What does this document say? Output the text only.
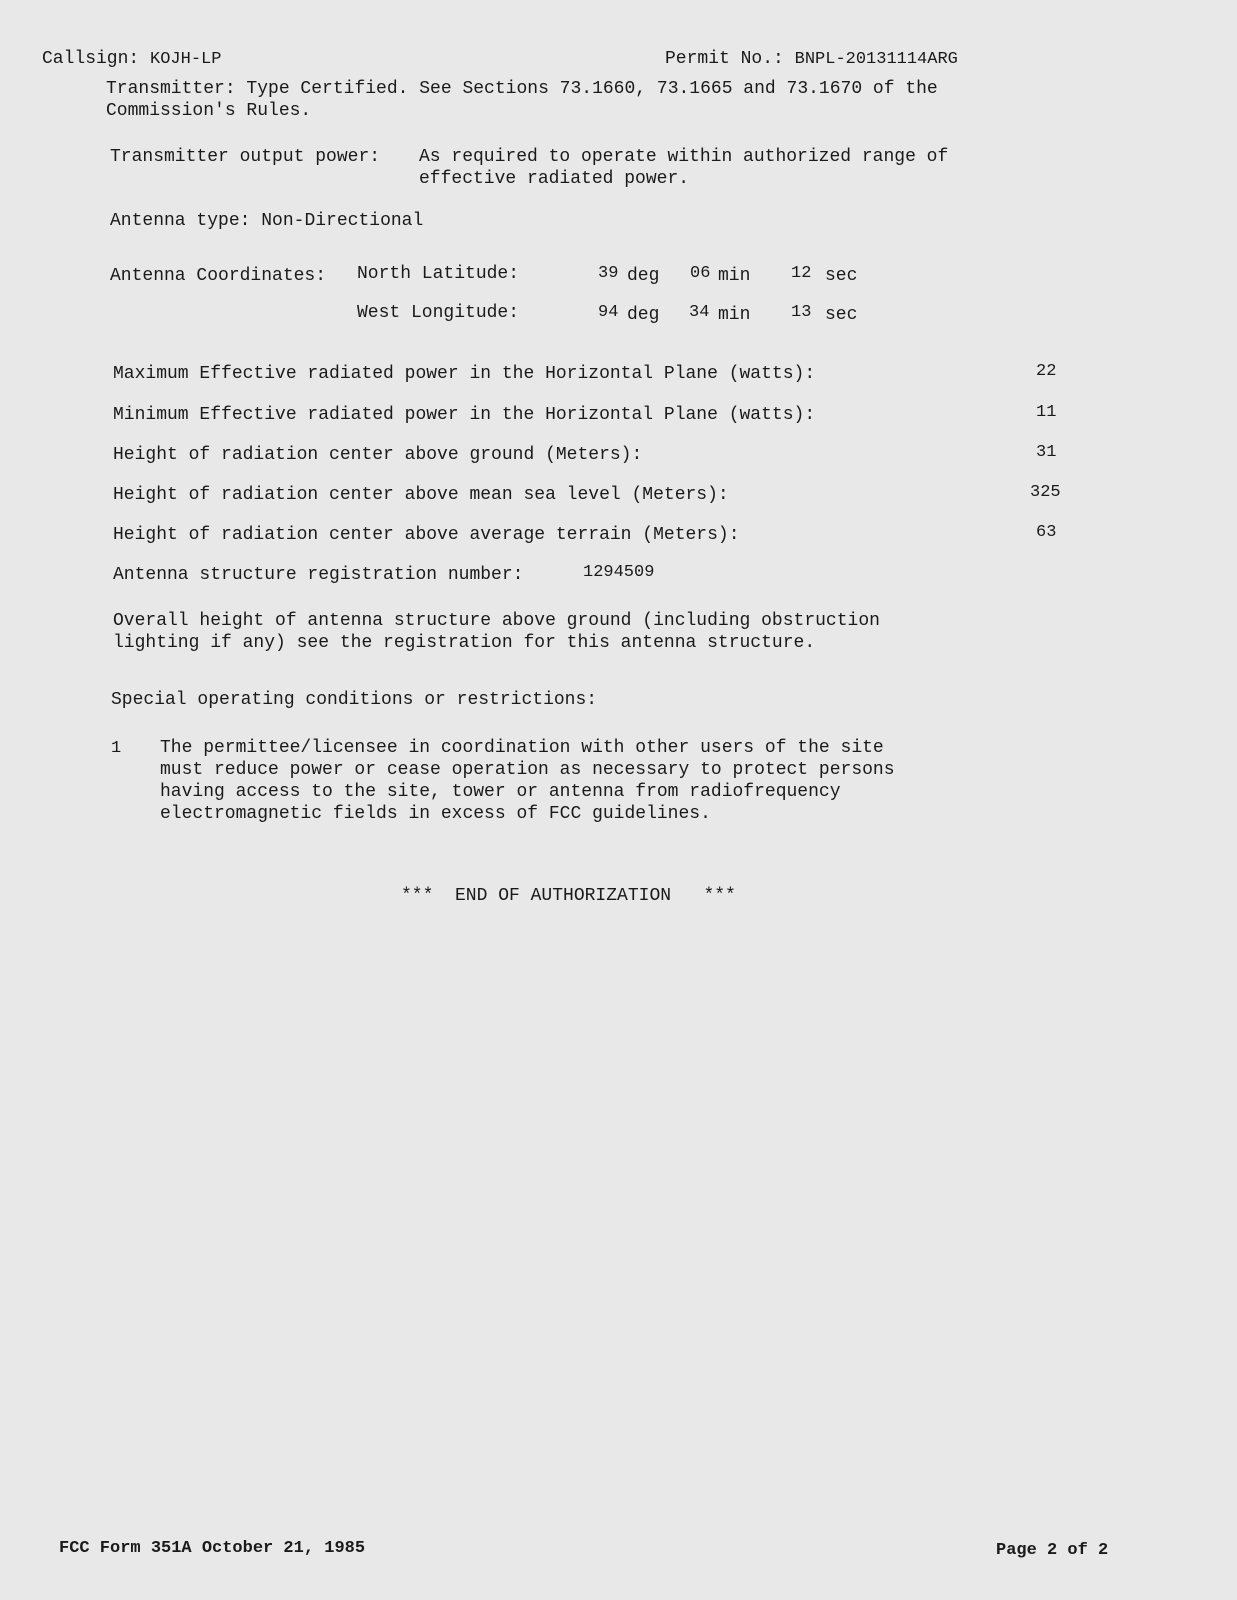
Callsign: KOJH-LP	Permit No.: BNPL-20131114ARG
Transmitter: Type Certified. See Sections 73.1660, 73.1665 and 73.1670 of the
Commission's Rules.
Transmitter output power: As required to operate within authorized range of
effective radiated power.
Antenna type: Non-Directional
Antenna Coordinates: North Latitude:	39 deg 06 min 12 sec
West Longitude:	94 deg 34 min 13 sec
Maximum Effective radiated power in the Horizontal Plane (watts):	22
Minimum Effective radiated power in the Horizontal Plane (watts):	11
Height of radiation center above ground (Meters):	31
Height of radiation center above mean sea level (Meters):	325
Height of radiation center above average terrain (Meters):	63
Antenna structure registration number:	1294509
Overall height of antenna structure above ground (including obstruction
lighting if any) see the registration for this antenna structure.
Special operating conditions or restrictions:
1 The permittee/licensee in coordination with other users of the site
must reduce power or cease operation as necessary to protect persons
having access to the site, tower or antenna from radiofrequency
electromagnetic fields in excess of FCC guidelines.
***  END OF AUTHORIZATION   ***
FCC Form 351A October 21, 1985	Page 2 of 2
